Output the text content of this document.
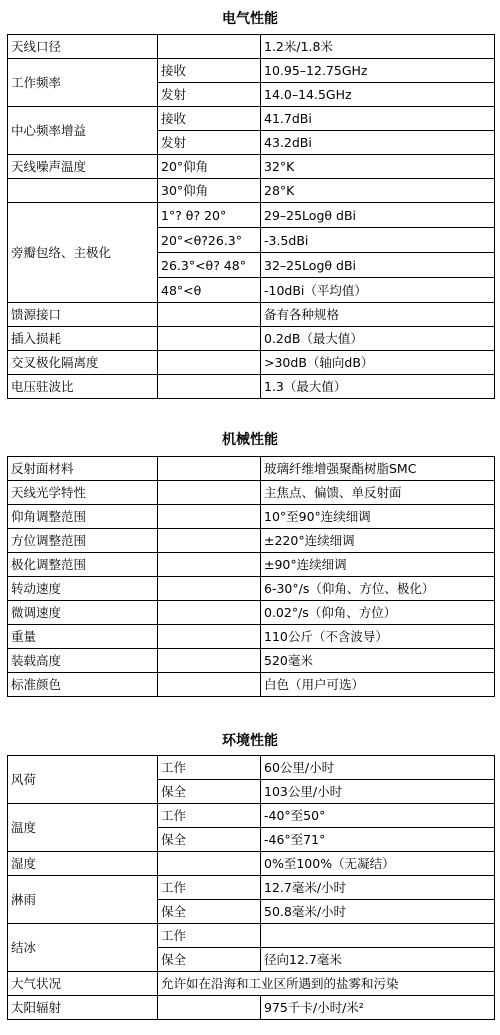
电气性能
天线口径		1.2米/1.8米
工作频率	接收	10.95–12.75GHz
	发射	14.0–14.5GHz
中心频率增益	接收	41.7dBi
	发射	43.2dBi
天线噪声温度	20°仰角	32°K
	30°仰角	28°K
旁瓣包络、主极化	1°? θ? 20°	29–25Logθ dBi
	20°<θ?26.3°	-3.5dBi
	26.3°<θ? 48°	32–25Logθ dBi
	48°<θ	-10dBi（平均值）
馈源接口		备有各种规格
插入损耗		0.2dB（最大值）
交叉极化隔离度		>30dB（轴向dB）
电压驻波比		1.3（最大值）
机械性能
反射面材料		玻璃纤维增强聚酯树脂SMC
天线光学特性		主焦点、偏馈、单反射面
仰角调整范围		10°至90°连续细调
方位调整范围		±220°连续细调
极化调整范围		±90°连续细调
转动速度		6-30°/s（仰角、方位、极化）
微调速度		0.02°/s（仰角、方位）
重量		110公斤（不含波导）
装载高度		520毫米
标准颜色		白色（用户可选）
环境性能
风荷	工作	60公里/小时
	保全	103公里/小时
温度	工作	-40°至50°
	保全	-46°至71°
湿度		0%至100%（无凝结）
淋雨	工作	12.7毫米/小时
	保全	50.8毫米/小时
结冰	工作	
	保全	径向12.7毫米
大气状况	允许如在沿海和工业区所遇到的盐雾和污染	
太阳辐射		975千卡/小时/米²
